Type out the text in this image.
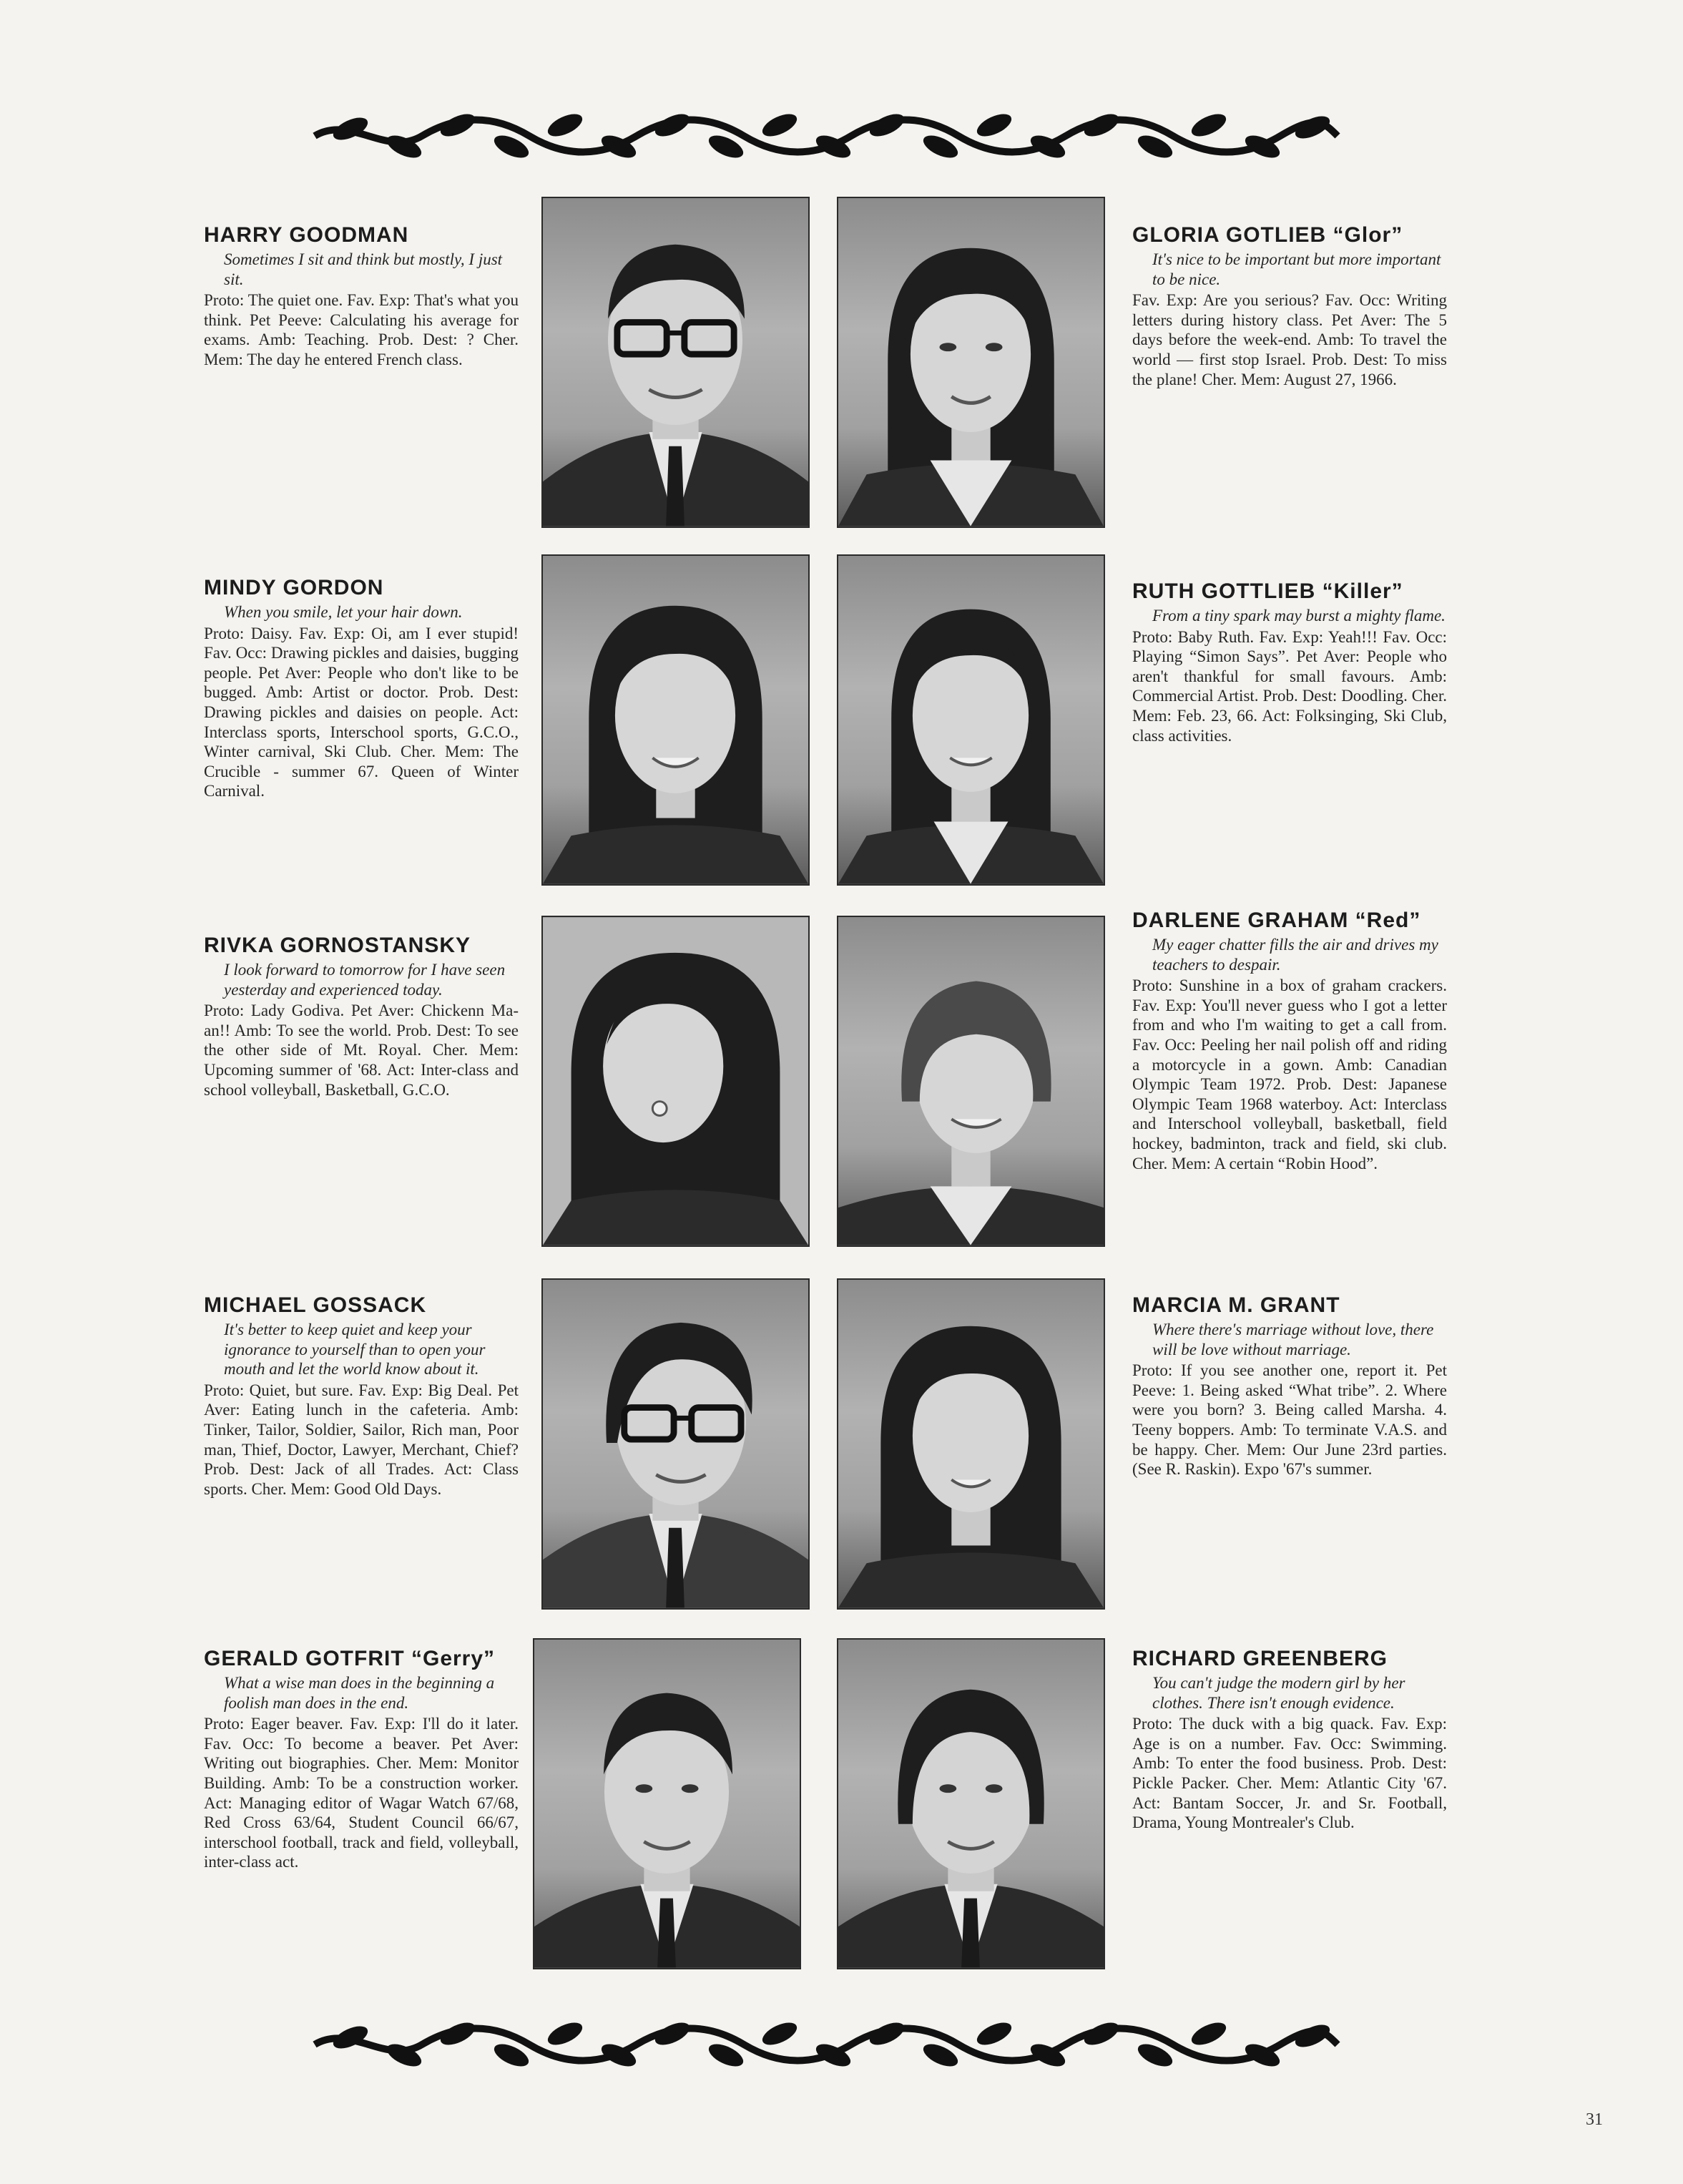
HARRY GOODMAN

Sometimes I sit and think but mostly, I just sit.

Proto: The quiet one. Fav. Exp: That's what you think. Pet Peeve: Calculating his average for exams. Amb: Teaching. Prob. Dest: ? Cher. Mem: The day he entered French class.

GLORIA GOTLIEB “Glor”

It's nice to be important but more important to be nice.

Fav. Exp: Are you serious? Fav. Occ: Writing letters during history class. Pet Aver: The 5 days before the week-end. Amb: To travel the world — first stop Israel. Prob. Dest: To miss the plane! Cher. Mem: August 27, 1966.

MINDY GORDON

When you smile, let your hair down.

Proto: Daisy. Fav. Exp: Oi, am I ever stupid! Fav. Occ: Drawing pickles and daisies, bugging people. Pet Aver: People who don't like to be bugged. Amb: Artist or doctor. Prob. Dest: Drawing pickles and daisies on people. Act: Interclass sports, Interschool sports, G.C.O., Winter carnival, Ski Club. Cher. Mem: The Crucible - summer 67. Queen of Winter Carnival.

RUTH GOTTLIEB “Killer”

From a tiny spark may burst a mighty flame.

Proto: Baby Ruth. Fav. Exp: Yeah!!! Fav. Occ: Playing “Simon Says”. Pet Aver: People who aren't thankful for small favours. Amb: Commercial Artist. Prob. Dest: Doodling. Cher. Mem: Feb. 23, 66. Act: Folksinging, Ski Club, class activities.

RIVKA GORNOSTANSKY

I look forward to tomorrow for I have seen yesterday and experienced today.

Proto: Lady Godiva. Pet Aver: Chickenn Ma-an!! Amb: To see the world. Prob. Dest: To see the other side of Mt. Royal. Cher. Mem: Upcoming summer of '68. Act: Inter-class and school volleyball, Basketball, G.C.O.

DARLENE GRAHAM “Red”

My eager chatter fills the air and drives my teachers to despair.

Proto: Sunshine in a box of graham crackers. Fav. Exp: You'll never guess who I got a letter from and who I'm waiting to get a call from. Fav. Occ: Peeling her nail polish off and riding a motorcycle in a gown. Amb: Canadian Olympic Team 1972. Prob. Dest: Japanese Olympic Team 1968 waterboy. Act: Interclass and Interschool volleyball, basketball, field hockey, badminton, track and field, ski club. Cher. Mem: A certain “Robin Hood”.

MICHAEL GOSSACK

It's better to keep quiet and keep your ignorance to yourself than to open your mouth and let the world know about it.

Proto: Quiet, but sure. Fav. Exp: Big Deal. Pet Aver: Eating lunch in the cafeteria. Amb: Tinker, Tailor, Soldier, Sailor, Rich man, Poor man, Thief, Doctor, Lawyer, Merchant, Chief? Prob. Dest: Jack of all Trades. Act: Class sports. Cher. Mem: Good Old Days.

MARCIA M. GRANT

Where there's marriage without love, there will be love without marriage.

Proto: If you see another one, report it. Pet Peeve: 1. Being asked “What tribe”. 2. Where were you born? 3. Being called Marsha. 4. Teeny boppers. Amb: To terminate V.A.S. and be happy. Cher. Mem: Our June 23rd parties. (See R. Raskin). Expo '67's summer.

GERALD GOTFRIT “Gerry”

What a wise man does in the beginning a foolish man does in the end.

Proto: Eager beaver. Fav. Exp: I'll do it later. Fav. Occ: To become a beaver. Pet Aver: Writing out biographies. Cher. Mem: Monitor Building. Amb: To be a construction worker. Act: Managing editor of Wagar Watch 67/68, Red Cross 63/64, Student Council 66/67, interschool football, track and field, volleyball, inter-class act.

RICHARD GREENBERG

You can't judge the modern girl by her clothes. There isn't enough evidence.

Proto: The duck with a big quack. Fav. Exp: Age is on a number. Fav. Occ: Swimming. Amb: To enter the food business. Prob. Dest: Pickle Packer. Cher. Mem: Atlantic City '67. Act: Bantam Soccer, Jr. and Sr. Football, Drama, Young Montrealer's Club.

31
